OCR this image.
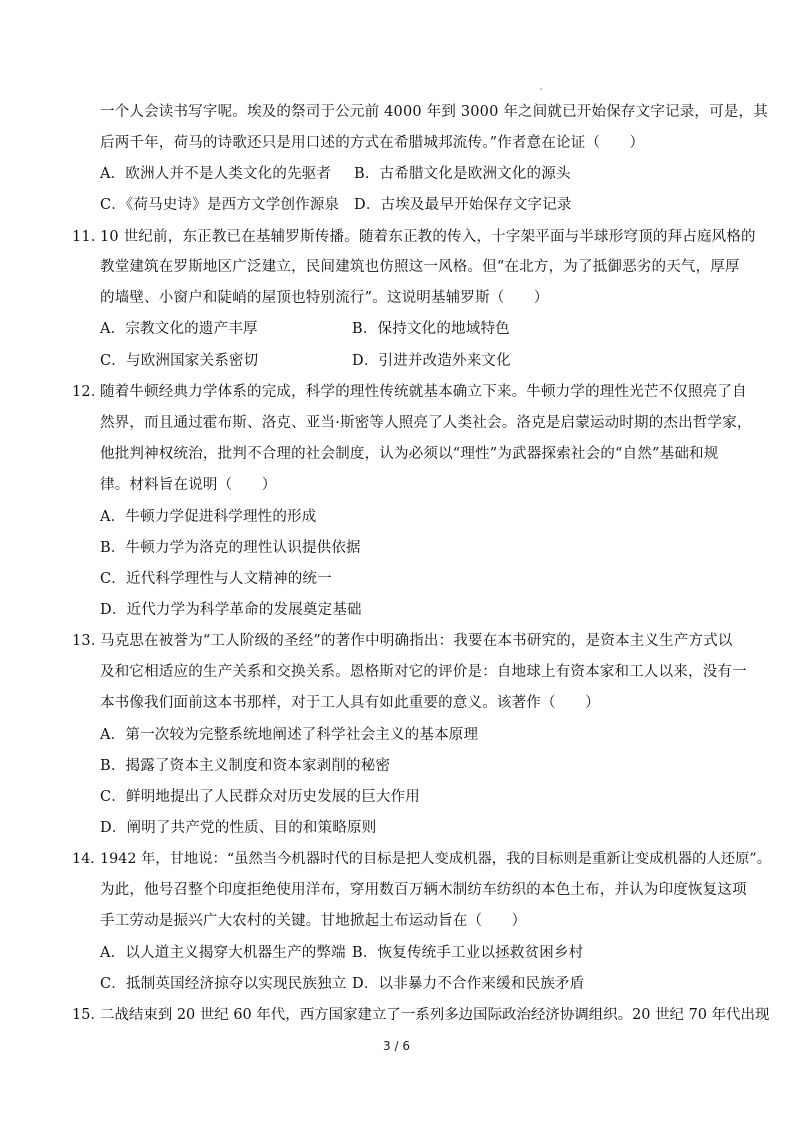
一个人会读书写字呢。埃及的祭司于公元前 4000 年到 3000 年之间就已开始保存文字记录，可是，其
后两千年，荷马的诗歌还只是用口述的方式在希腊城邦流传。”作者意在论证（　　）
A．欧洲人并不是人类文化的先驱者 B．古希腊文化是欧洲文化的源头
C．《荷马史诗》是西方文学创作源泉 D．古埃及最早开始保存文字记录
11．
10 世纪前，东正教已在基辅罗斯传播。随着东正教的传入，十字架平面与半球形穹顶的拜占庭风格的
教堂建筑在罗斯地区广泛建立，民间建筑也仿照这一风格。但“在北方，为了抵御恶劣的天气，厚厚
的墙壁、小窗户和陡峭的屋顶也特别流行”。这说明基辅罗斯（　　）
A．宗教文化的遗产丰厚	B．保持文化的地域特色
C．与欧洲国家关系密切	D．引进并改造外来文化
12．
随着牛顿经典力学体系的完成，科学的理性传统就基本确立下来。牛顿力学的理性光芒不仅照亮了自
然界，而且通过霍布斯、洛克、亚当·斯密等人照亮了人类社会。洛克是启蒙运动时期的杰出哲学家，
他批判神权统治，批判不合理的社会制度，认为必须以“理性”为武器探索社会的“自然”基础和规
律。材料旨在说明（　　）
A．牛顿力学促进科学理性的形成
B．牛顿力学为洛克的理性认识提供依据
C．近代科学理性与人文精神的统一
D．近代力学为科学革命的发展奠定基础
13．
马克思在被誉为“工人阶级的圣经”的著作中明确指出：我要在本书研究的，是资本主义生产方式以
及和它相适应的生产关系和交换关系。恩格斯对它的评价是：自地球上有资本家和工人以来，没有一
本书像我们面前这本书那样，对于工人具有如此重要的意义。该著作（　　）
A．第一次较为完整系统地阐述了科学社会主义的基本原理
B．揭露了资本主义制度和资本家剥削的秘密
C．鲜明地提出了人民群众对历史发展的巨大作用
D．阐明了共产党的性质、目的和策略原则
14．
1942 年，甘地说：“虽然当今机器时代的目标是把人变成机器，我的目标则是重新让变成机器的人还原”。
为此，他号召整个印度拒绝使用洋布，穿用数百万辆木制纺车纺织的本色土布，并认为印度恢复这项
手工劳动是振兴广大农村的关键。甘地掀起土布运动旨在（　　）
A．以人道主义揭穿大机器生产的弊端 B．恢复传统手工业以拯救贫困乡村
C．抵制英国经济掠夺以实现民族独立 D．以非暴力不合作来缓和民族矛盾
15．
二战结束到 20 世纪 60 年代，西方国家建立了一系列多边国际政治经济协调组织。20 世纪 70 年代出现
3 / 6
